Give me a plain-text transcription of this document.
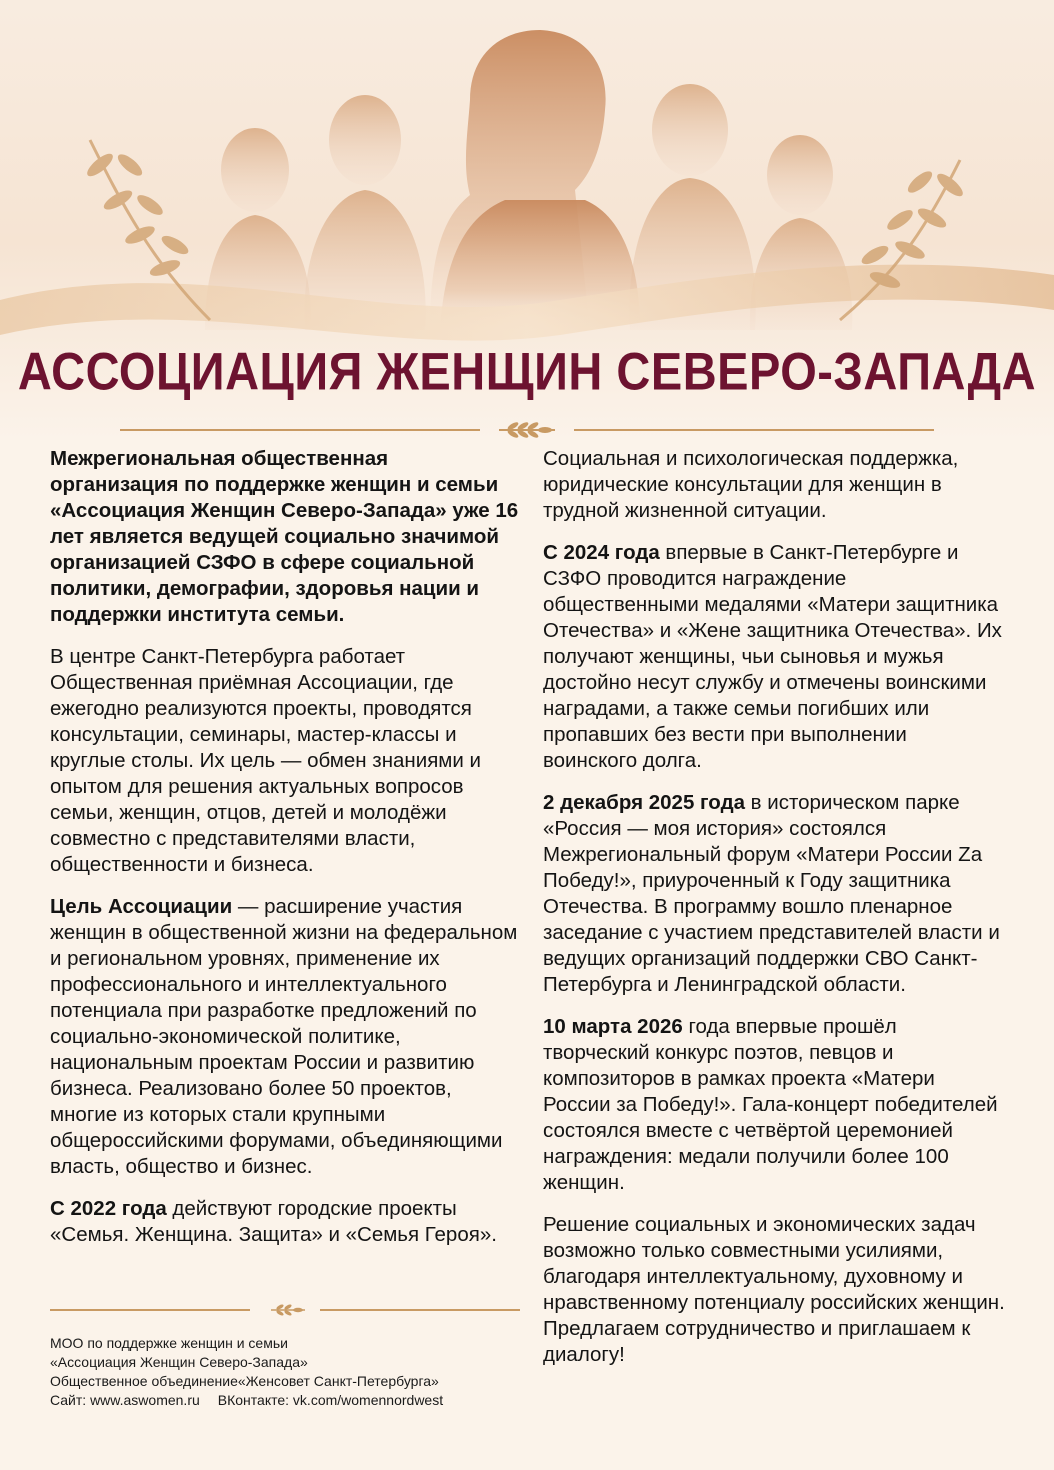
АССОЦИАЦИЯ ЖЕНЩИН СЕВЕРО-ЗАПАДА

Межрегиональная общественная организация по поддержке женщин и семьи «Ассоциация Женщин Северо-Запада» уже 16 лет является ведущей социально значимой организацией СЗФО в сфере социальной политики, демографии, здоровья нации и поддержки института семьи.

В центре Санкт-Петербурга работает Общественная приёмная Ассоциации, где ежегодно реализуются проекты, проводятся консультации, семинары, мастер-классы и круглые столы. Их цель — обмен знаниями и опытом для решения актуальных вопросов семьи, женщин, отцов, детей и молодёжи совместно с представителями власти, общественности и бизнеса.

Цель Ассоциации — расширение участия женщин в общественной жизни на федеральном и региональном уровнях, применение их профессионального и интеллектуального потенциала при разработке предложений по социально-экономической политике, национальным проектам России и развитию бизнеса. Реализовано более 50 проектов, многие из которых стали крупными общероссийскими форумами, объединяющими власть, общество и бизнес.

С 2022 года действуют городские проекты «Семья. Женщина. Защита» и «Семья Героя».

Социальная и психологическая поддержка, юридические консультации для женщин в трудной жизненной ситуации.

С 2024 года впервые в Санкт-Петербурге и СЗФО проводится награждение общественными медалями «Матери защитника Отечества» и «Жене защитника Отечества». Их получают женщины, чьи сыновья и мужья достойно несут службу и отмечены воинскими наградами, а также семьи погибших или пропавших без вести при выполнении воинского долга.

2 декабря 2025 года в историческом парке «Россия — моя история» состоялся Межрегиональный форум «Матери России Zа Победу!», приуроченный к Году защитника Отечества. В программу вошло пленарное заседание с участием представителей власти и ведущих организаций поддержки СВО Санкт-Петербурга и Ленинградской области.

10 марта 2026 года впервые прошёл творческий конкурс поэтов, певцов и композиторов в рамках проекта «Матери России за Победу!». Гала-концерт победителей состоялся вместе с четвёртой церемонией награждения: медали получили более 100 женщин.

Решение социальных и экономических задач возможно только совместными усилиями, благодаря интеллектуальному, духовному и нравственному потенциалу российских женщин. Предлагаем сотрудничество и приглашаем к диалогу!

МОО по поддержке женщин и семьи
«Ассоциация Женщин Северо-Запада»
Общественное объединение«Женсовет Санкт-Петербурга»
Сайт: www.aswomen.ru ВКонтакте: vk.com/womennordwest
